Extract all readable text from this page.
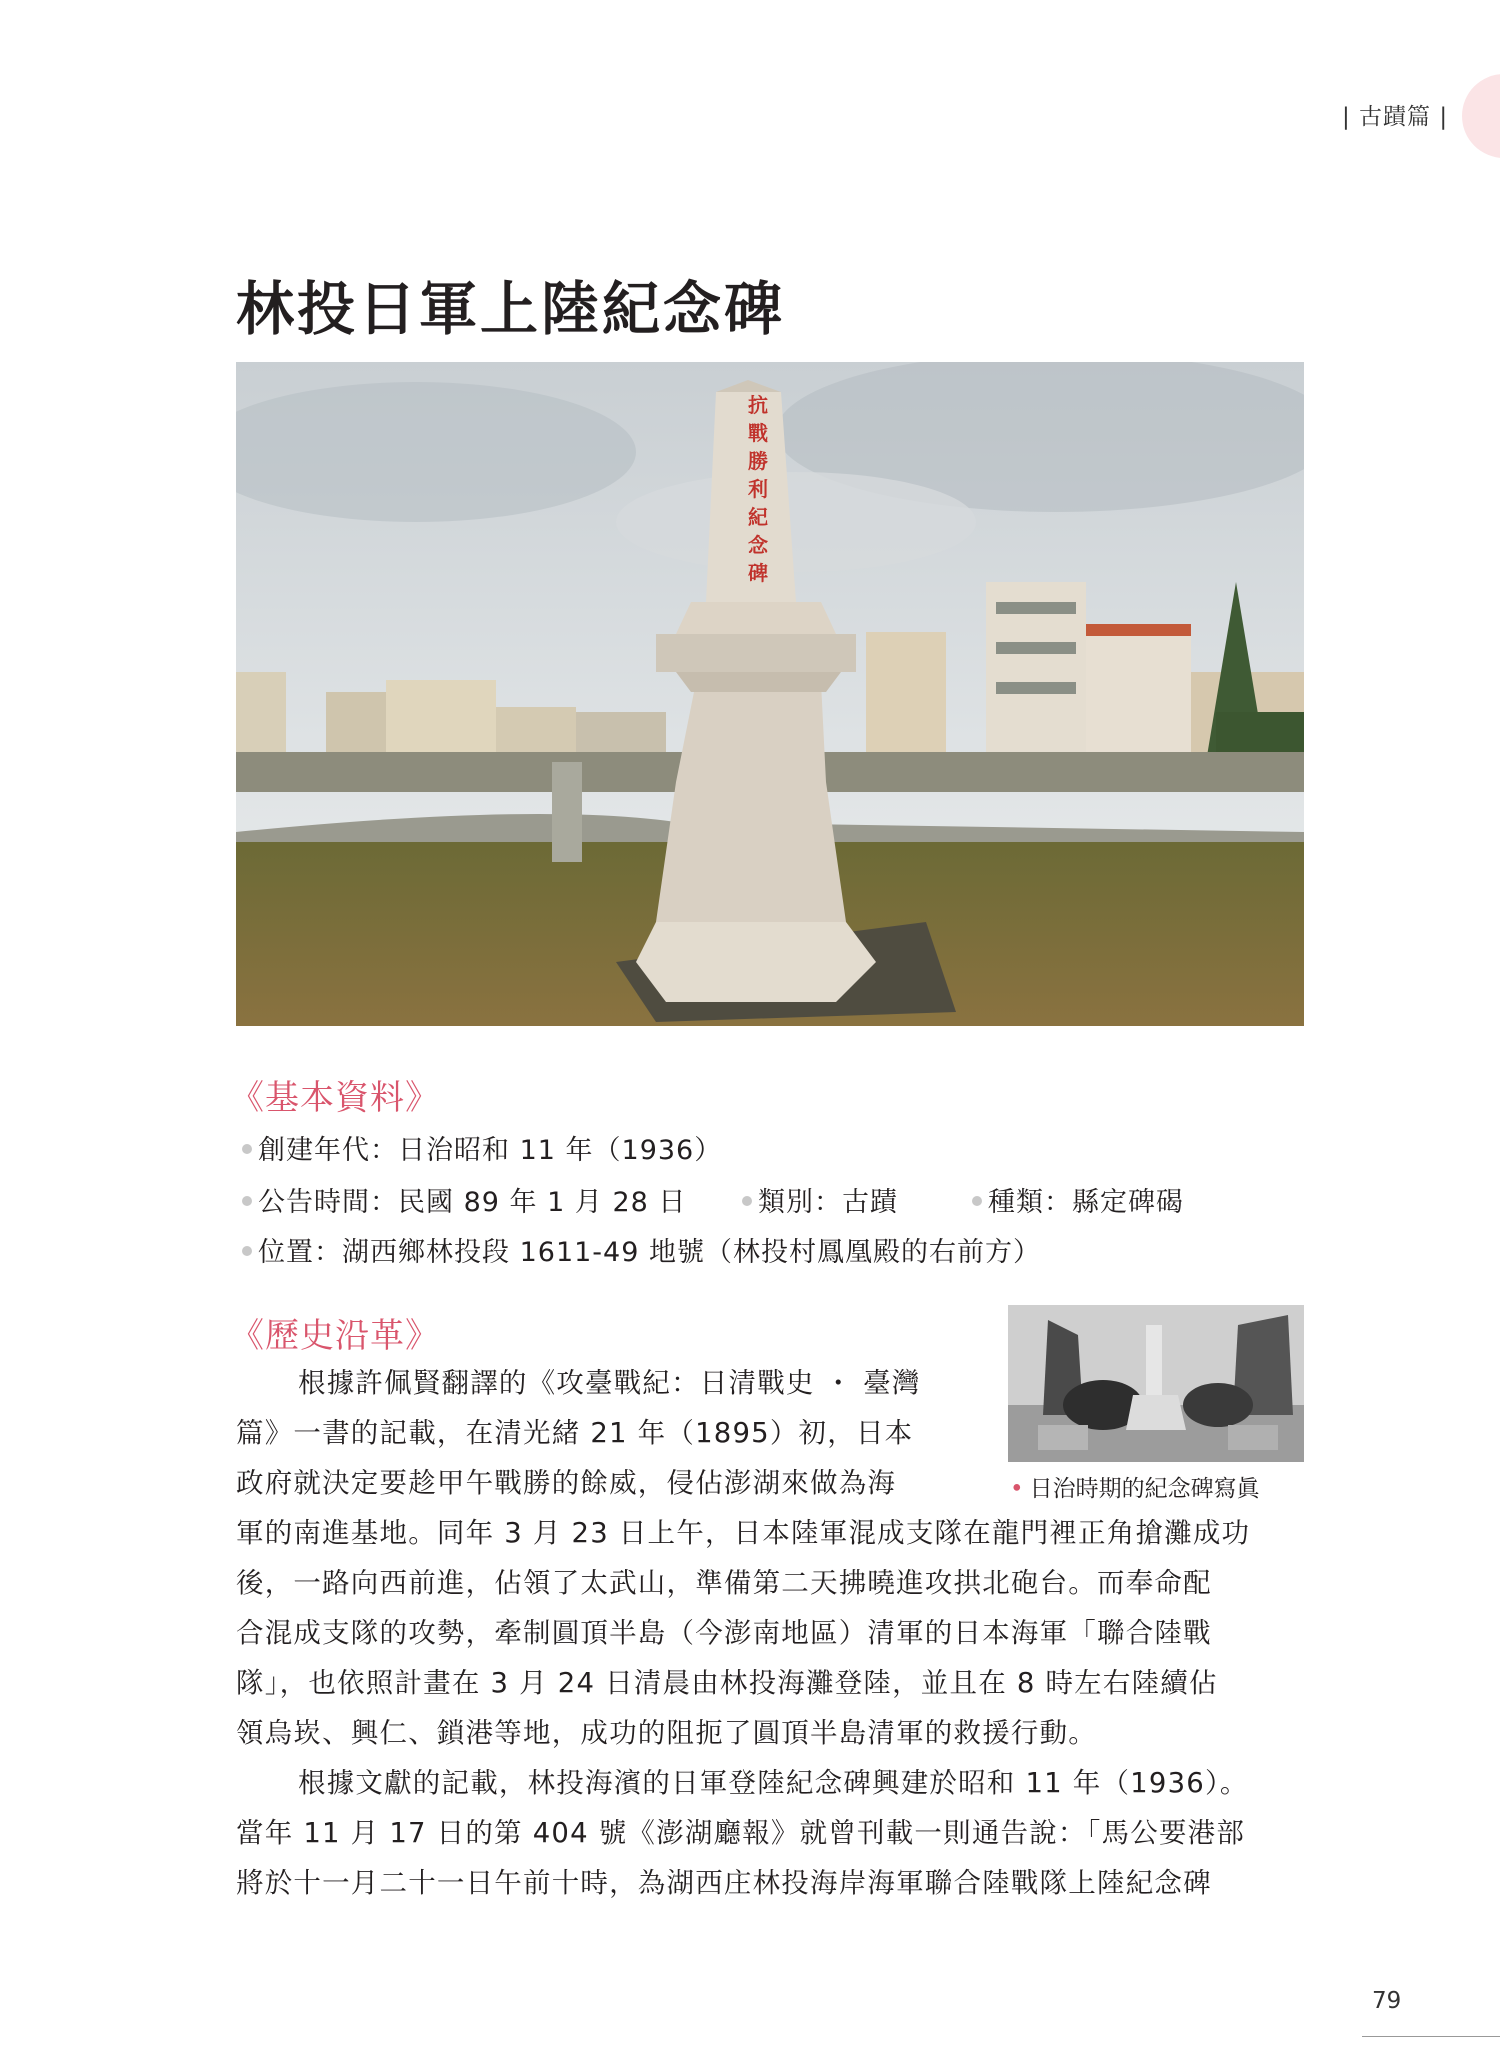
| 古蹟篇 |
林投日軍上陸紀念碑
抗 戰 勝 利 紀 念 碑
《基本資料》
創建年代：日治昭和 11 年（1936）
公告時間：民國 89 年 1 月 28 日	類別：古蹟	種類：縣定碑碣
位置：湖西鄉林投段 1611-49 地號（林投村鳳凰殿的右前方）
《歷史沿革》
• 日治時期的紀念碑寫眞
根據許佩賢翻譯的《攻臺戰紀：日清戰史 ・ 臺灣
篇》一書的記載，在清光緒 21 年（1895）初，日本
政府就決定要趁甲午戰勝的餘威，侵佔澎湖來做為海
軍的南進基地。同年 3 月 23 日上午，日本陸軍混成支隊在龍門裡正角搶灘成功
後，一路向西前進，佔領了太武山，準備第二天拂曉進攻拱北砲台。而奉命配
合混成支隊的攻勢，牽制圓頂半島（今澎南地區）清軍的日本海軍「聯合陸戰
隊」，也依照計畫在 3 月 24 日清晨由林投海灘登陸，並且在 8 時左右陸續佔
領烏崁、興仁、鎖港等地，成功的阻扼了圓頂半島清軍的救援行動。
根據文獻的記載，林投海濱的日軍登陸紀念碑興建於昭和 11 年（1936）。
當年 11 月 17 日的第 404 號《澎湖廳報》就曾刊載一則通告說：「馬公要港部
將於十一月二十一日午前十時，為湖西庄林投海岸海軍聯合陸戰隊上陸紀念碑
79
